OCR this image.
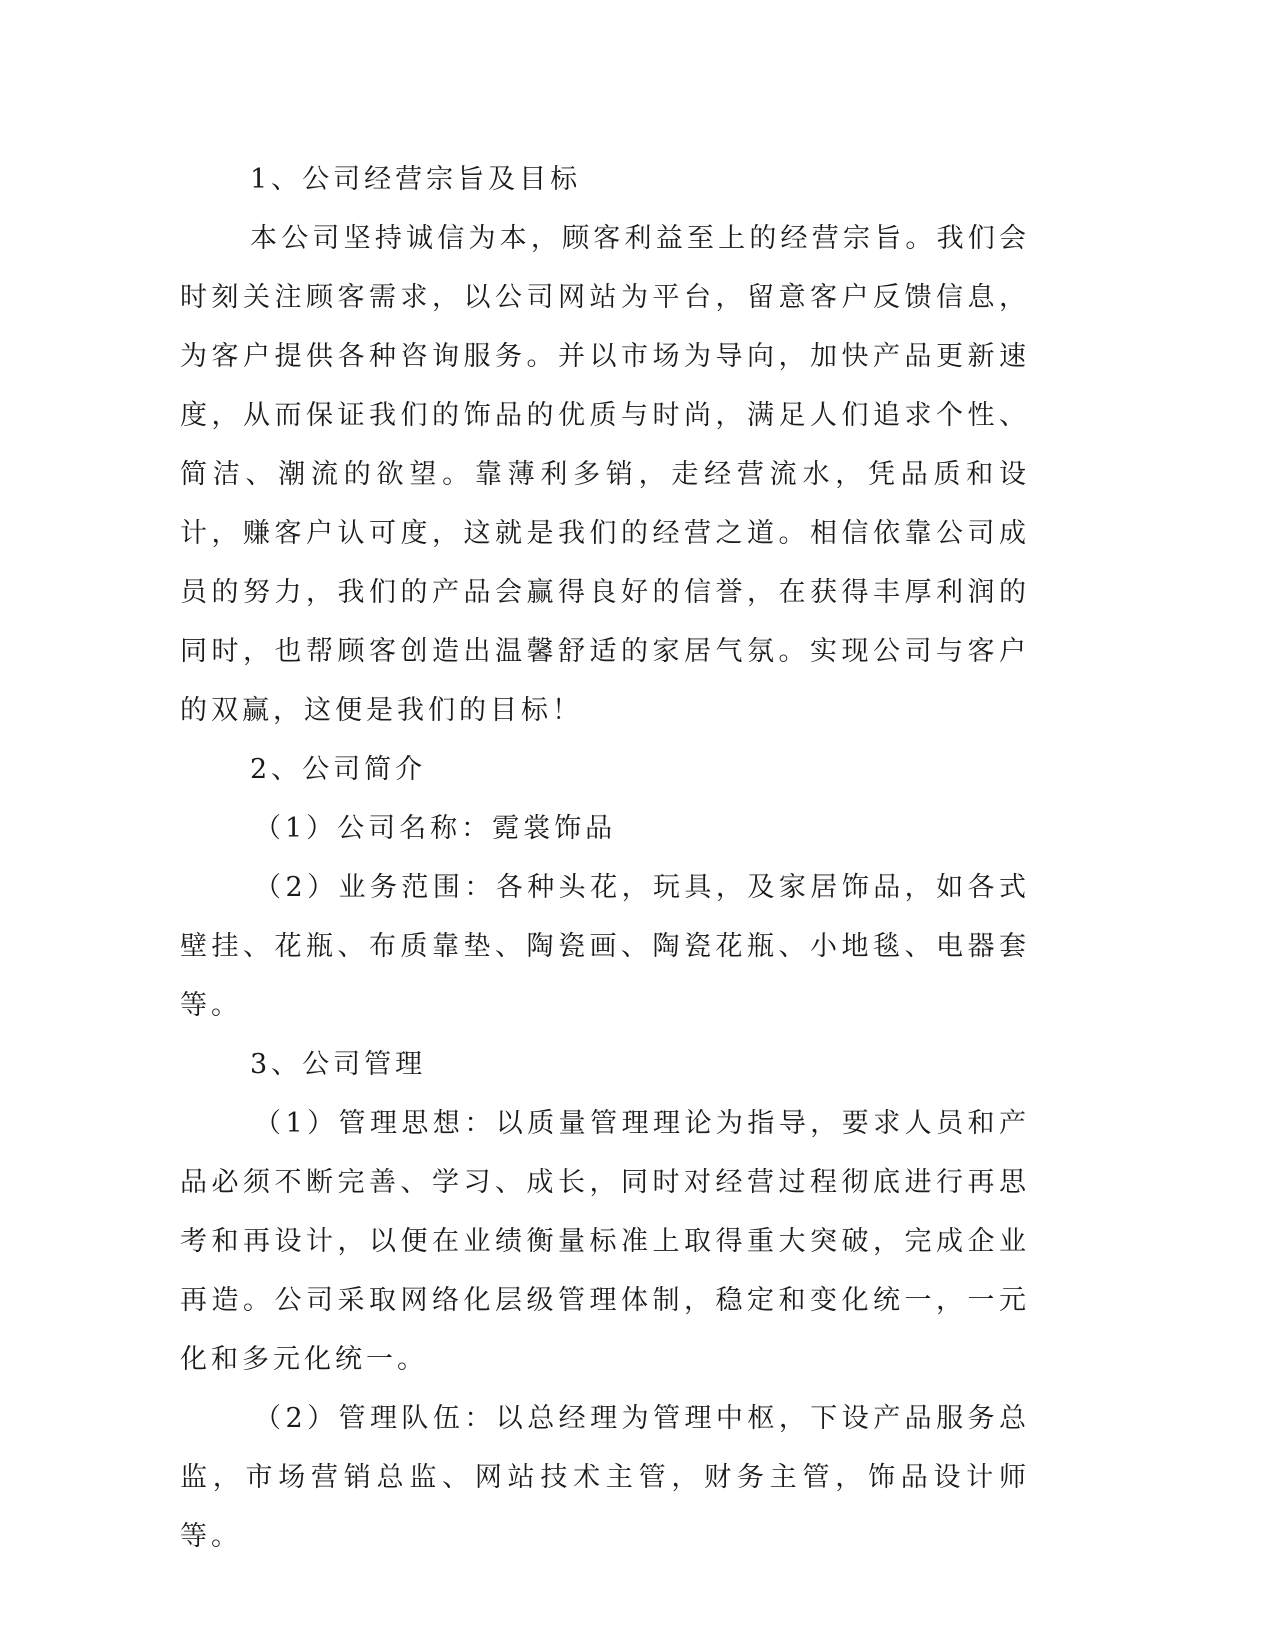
1、公司经营宗旨及目标

本公司坚持诚信为本，顾客利益至上的经营宗旨。我们会时刻关注顾客需求，以公司网站为平台，留意客户反馈信息，为客户提供各种咨询服务。并以市场为导向，加快产品更新速度，从而保证我们的饰品的优质与时尚，满足人们追求个性、简洁、潮流的欲望。靠薄利多销，走经营流水，凭品质和设计，赚客户认可度，这就是我们的经营之道。相信依靠公司成员的努力，我们的产品会赢得良好的信誉，在获得丰厚利润的同时，也帮顾客创造出温馨舒适的家居气氛。实现公司与客户的双赢，这便是我们的目标！

2、公司简介

（1）公司名称：霓裳饰品

（2）业务范围：各种头花，玩具，及家居饰品，如各式壁挂、花瓶、布质靠垫、陶瓷画、陶瓷花瓶、小地毯、电器套等。

3、公司管理

（1）管理思想：以质量管理理论为指导，要求人员和产品必须不断完善、学习、成长，同时对经营过程彻底进行再思考和再设计，以便在业绩衡量标准上取得重大突破，完成企业再造。公司采取网络化层级管理体制，稳定和变化统一，一元化和多元化统一。

（2）管理队伍：以总经理为管理中枢，下设产品服务总监，市场营销总监、网站技术主管，财务主管，饰品设计师等。
